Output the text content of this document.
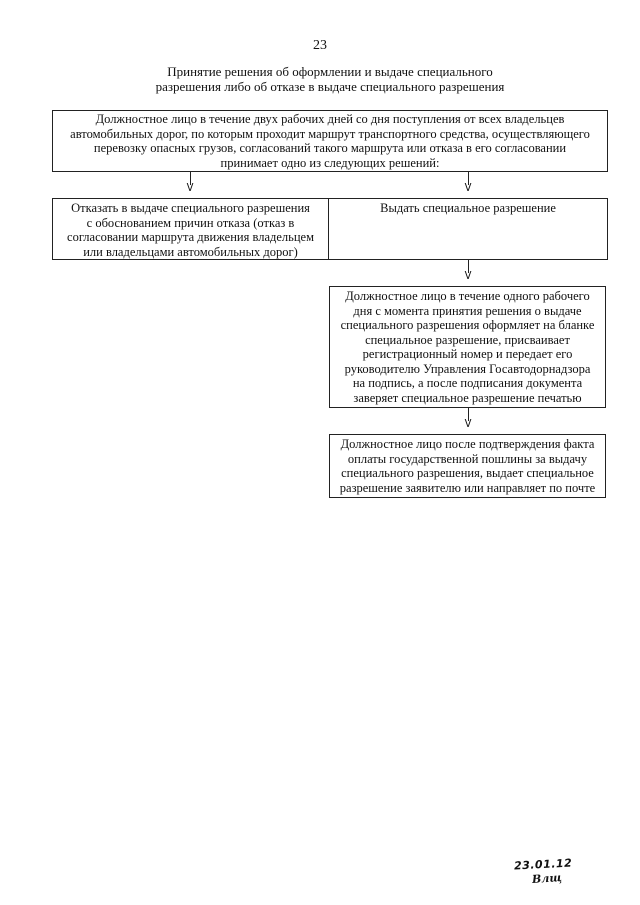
23
Принятие решения об оформлении и выдаче специального
разрешения либо об отказе в выдаче специального разрешения
Должностное лицо в течение двух рабочих дней со дня поступления от всех владельцев
автомобильных дорог, по которым проходит маршрут транспортного средства, осуществляющего
перевозку опасных грузов, согласований такого маршрута или отказа в его согласовании
принимает одно из следующих решений:
V	V
Отказать в выдаче специального разрешения
с обоснованием причин отказа (отказ в
согласовании маршрута движения владельцем
или владельцами автомобильных дорог)
Выдать специальное разрешение
V
Должностное лицо в течение одного рабочего
дня с момента принятия решения о выдаче
специального разрешения оформляет на бланке
специальное разрешение, присваивает
регистрационный номер и передает его
руководителю Управления Госавтодорнадзора
на подпись, а после подписания документа
заверяет специальное разрешение печатью
V
Должностное лицо после подтверждения факта
оплаты государственной пошлины за выдачу
специального разрешения, выдает специальное
разрешение заявителю или направляет по почте
23.01.12
Влщ
